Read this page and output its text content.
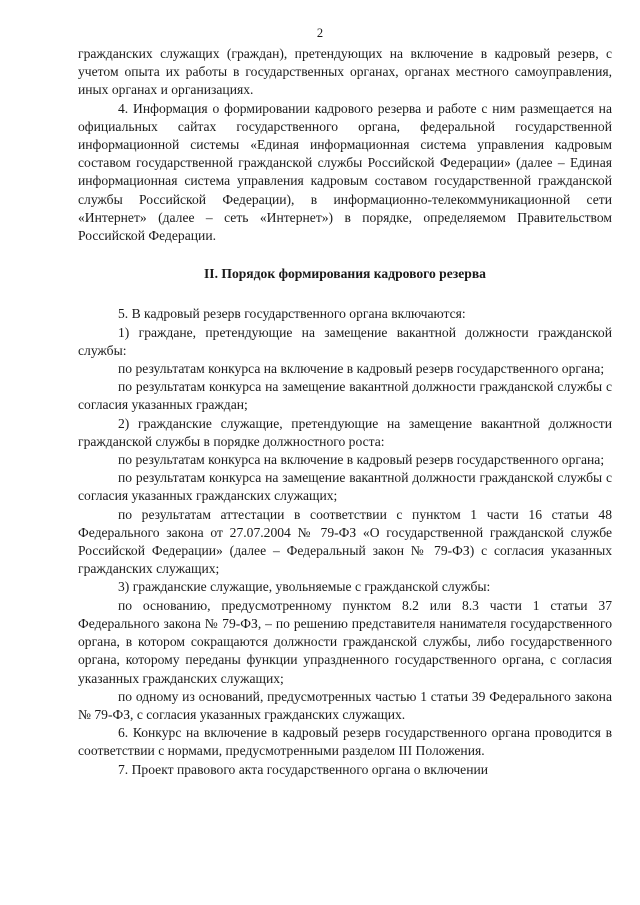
2

гражданских служащих (граждан), претендующих на включение в кадровый резерв, с учетом опыта их работы в государственных органах, органах местного самоуправления, иных органах и организациях.

4. Информация о формировании кадрового резерва и работе с ним размещается на официальных сайтах государственного органа, федеральной государственной информационной системы «Единая информационная система управления кадровым составом государственной гражданской службы Российской Федерации» (далее – Единая информационная система управления кадровым составом государственной гражданской службы Российской Федерации), в информационно-телекоммуникационной сети «Интернет» (далее – сеть «Интернет») в порядке, определяемом Правительством Российской Федерации.

II. Порядок формирования кадрового резерва

5. В кадровый резерв государственного органа включаются:

1) граждане, претендующие на замещение вакантной должности гражданской службы:

по результатам конкурса на включение в кадровый резерв государственного органа;

по результатам конкурса на замещение вакантной должности гражданской службы с согласия указанных граждан;

2) гражданские служащие, претендующие на замещение вакантной должности гражданской службы в порядке должностного роста:

по результатам конкурса на включение в кадровый резерв государственного органа;

по результатам конкурса на замещение вакантной должности гражданской службы с согласия указанных гражданских служащих;

по результатам аттестации в соответствии с пунктом 1 части 16 статьи 48 Федерального закона от 27.07.2004 № 79-ФЗ «О государственной гражданской службе Российской Федерации» (далее – Федеральный закон № 79-ФЗ) с согласия указанных гражданских служащих;

3) гражданские служащие, увольняемые с гражданской службы:

по основанию, предусмотренному пунктом 8.2 или 8.3 части 1 статьи 37 Федерального закона № 79-ФЗ, – по решению представителя нанимателя государственного органа, в котором сокращаются должности гражданской службы, либо государственного органа, которому переданы функции упраздненного государственного органа, с согласия указанных гражданских служащих;

по одному из оснований, предусмотренных частью 1 статьи 39 Федерального закона № 79-ФЗ, с согласия указанных гражданских служащих.

6. Конкурс на включение в кадровый резерв государственного органа проводится в соответствии с нормами, предусмотренными разделом III Положения.

7. Проект правового акта государственного органа о включении
